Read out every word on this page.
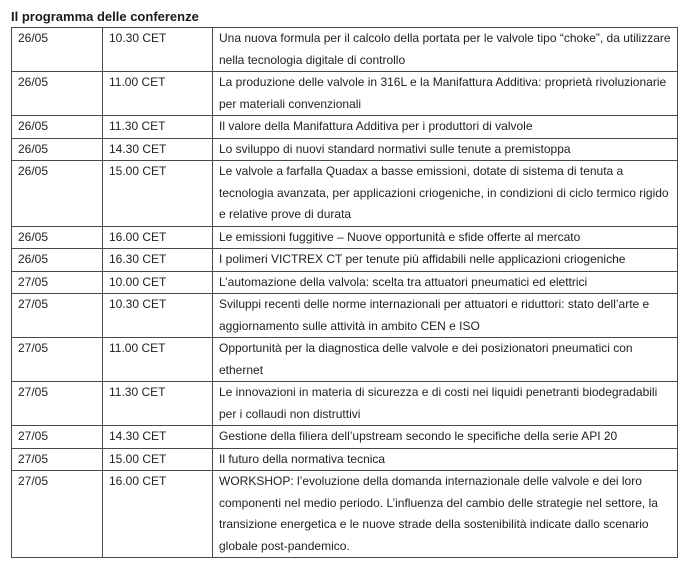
Il programma delle conferenze
26/05	10.30 CET	Una nuova formula per il calcolo della portata per le valvole tipo “choke”, da utilizzare nella tecnologia digitale di controllo
26/05	11.00 CET	La produzione delle valvole in 316L e la Manifattura Additiva: proprietà rivoluzionarie per materiali convenzionali
26/05	11.30 CET	Il valore della Manifattura Additiva per i produttori di valvole
26/05	14.30 CET	Lo sviluppo di nuovi standard normativi sulle tenute a premistoppa
26/05	15.00 CET	Le valvole a farfalla Quadax a basse emissioni, dotate di sistema di tenuta a tecnologia avanzata, per applicazioni criogeniche, in condizioni di ciclo termico rigido e relative prove di durata
26/05	16.00 CET	Le emissioni fuggitive – Nuove opportunità e sfide offerte al mercato
26/05	16.30 CET	I polimeri VICTREX CT per tenute più affidabili nelle applicazioni criogeniche
27/05	10.00 CET	L’automazione della valvola: scelta tra attuatori pneumatici ed elettrici
27/05	10.30 CET	Sviluppi recenti delle norme internazionali per attuatori e riduttori: stato dell’arte e aggiornamento sulle attività in ambito CEN e ISO
27/05	11.00 CET	Opportunità per la diagnostica delle valvole e dei posizionatori pneumatici con ethernet
27/05	11.30 CET	Le innovazioni in materia di sicurezza e di costi nei liquidi penetranti biodegradabili per i collaudi non distruttivi
27/05	14.30 CET	Gestione della filiera dell’upstream secondo le specifiche della serie API 20
27/05	15.00 CET	Il futuro della normativa tecnica
27/05	16.00 CET	WORKSHOP: l’evoluzione della domanda internazionale delle valvole e dei loro componenti nel medio periodo. L’influenza del cambio delle strategie nel settore, la transizione energetica e le nuove strade della sostenibilità indicate dallo scenario globale post-pandemico.
